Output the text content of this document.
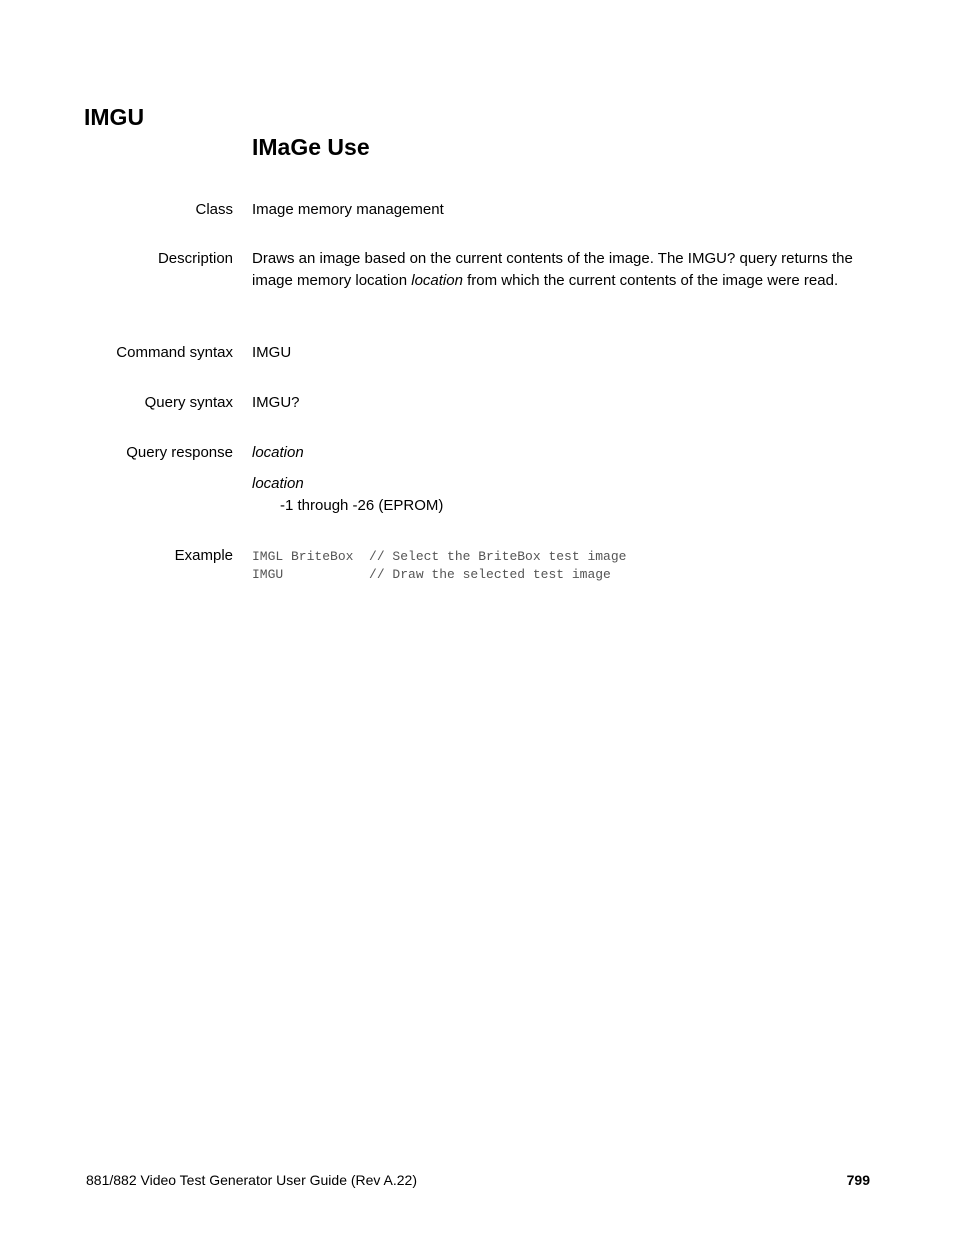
IMGU
IMaGe Use
Class Image memory management
Description Draws an image based on the current contents of the image. The IMGU? query returns the image memory location location from which the current contents of the image were read.
Command syntax IMGU
Query syntax IMGU?
Query response location
location
-1 through -26 (EPROM)
Example IMGL BriteBox  // Select the BriteBox test image
IMGU           // Draw the selected test image
881/882 Video Test Generator User Guide (Rev A.22)	799
